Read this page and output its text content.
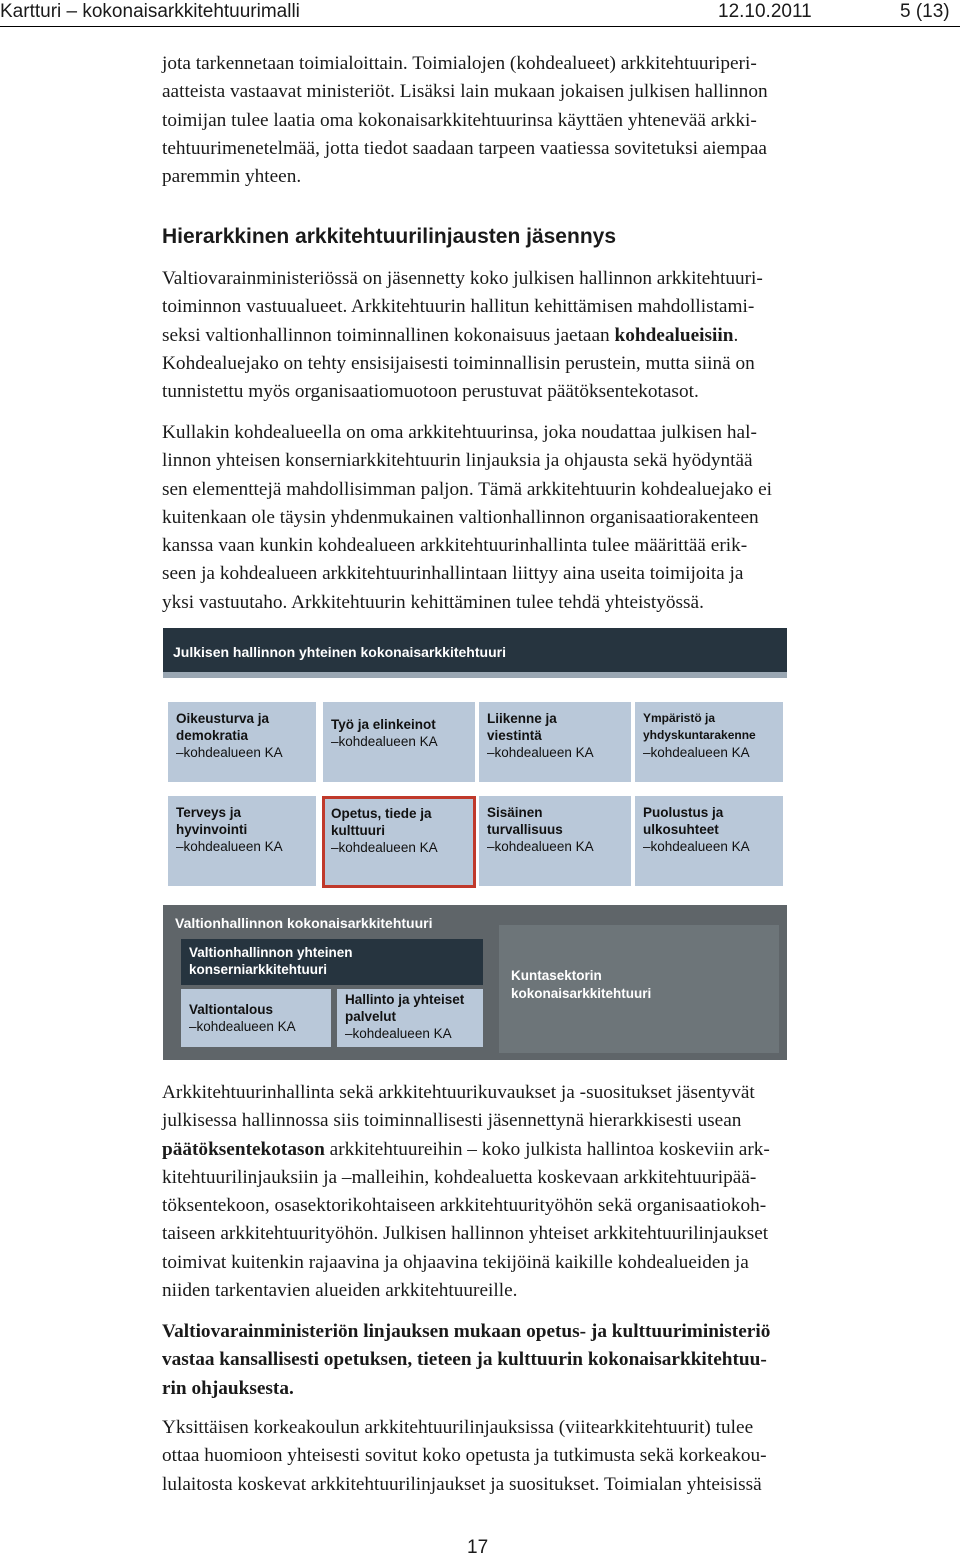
Kartturi – kokonaisarkkitehtuurimalli	12.10.2011	5 (13)

jota tarkennetaan toimialoittain. Toimialojen (kohdealueet) arkkitehtuuriperi-

aatteista vastaavat ministeriöt. Lisäksi lain mukaan jokaisen julkisen hallinnon

toimijan tulee laatia oma kokonaisarkkitehtuurinsa käyttäen yhtenevää arkki-

tehtuurimenetelmää, jotta tiedot saadaan tarpeen vaatiessa sovitetuksi aiempaa

paremmin yhteen.

Hierarkkinen arkkitehtuurilinjausten jäsennys

Valtiovarainministeriössä on jäsennetty koko julkisen hallinnon arkkitehtuuri-

toiminnon vastuualueet. Arkkitehtuurin hallitun kehittämisen mahdollistami-

seksi valtionhallinnon toiminnallinen kokonaisuus jaetaan kohdealueisiin.

Kohdealuejako on tehty ensisijaisesti toiminnallisin perustein, mutta siinä on

tunnistettu myös organisaatiomuotoon perustuvat päätöksentekotasot.

Kullakin kohdealueella on oma arkkitehtuurinsa, joka noudattaa julkisen hal-

linnon yhteisen konserniarkkitehtuurin linjauksia ja ohjausta sekä hyödyntää

sen elementtejä mahdollisimman paljon. Tämä arkkitehtuurin kohdealuejako ei

kuitenkaan ole täysin yhdenmukainen valtionhallinnon organisaatiorakenteen

kanssa vaan kunkin kohdealueen arkkitehtuurinhallinta tulee määrittää erik-

seen ja kohdealueen arkkitehtuurinhallintaan liittyy aina useita toimijoita ja

yksi vastuutaho. Arkkitehtuurin kehittäminen tulee tehdä yhteistyössä.

Julkisen hallinnon yhteinen kokonaisarkkitehtuuri
Oikeusturva ja
demokratia
–kohdealueen KA
Työ ja elinkeinot
–kohdealueen KA
Liikenne ja
viestintä
–kohdealueen KA
Ympäristö ja
yhdyskuntarakenne
–kohdealueen KA
Terveys ja
hyvinvointi
–kohdealueen KA
Opetus, tiede ja
kulttuuri
–kohdealueen KA
Sisäinen
turvallisuus
–kohdealueen KA
Puolustus ja
ulkosuhteet
–kohdealueen KA
Valtionhallinnon kokonaisarkkitehtuuri
Valtionhallinnon yhteinen
konserniarkkitehtuuri
Valtiontalous
–kohdealueen KA
Hallinto ja yhteiset
palvelut
–kohdealueen KA
Kuntasektorin
kokonaisarkkitehtuuri

Arkkitehtuurinhallinta sekä arkkitehtuurikuvaukset ja -suositukset jäsentyvät

julkisessa hallinnossa siis toiminnallisesti jäsennettynä hierarkkisesti usean

päätöksentekotason arkkitehtuureihin – koko julkista hallintoa koskeviin ark-

kitehtuurilinjauksiin ja –malleihin, kohdealuetta koskevaan arkkitehtuuripää-

töksentekoon, osasektorikohtaiseen arkkitehtuurityöhön sekä organisaatiokoh-

taiseen arkkitehtuurityöhön. Julkisen hallinnon yhteiset arkkitehtuurilinjaukset

toimivat kuitenkin rajaavina ja ohjaavina tekijöinä kaikille kohdealueiden ja

niiden tarkentavien alueiden arkkitehtuureille.

Valtiovarainministeriön linjauksen mukaan opetus- ja kulttuuriministeriö

vastaa kansallisesti opetuksen, tieteen ja kulttuurin kokonaisarkkitehtuu-

rin ohjauksesta.

Yksittäisen korkeakoulun arkkitehtuurilinjauksissa (viitearkkitehtuurit) tulee

ottaa huomioon yhteisesti sovitut koko opetusta ja tutkimusta sekä korkeakou-

lulaitosta koskevat arkkitehtuurilinjaukset ja suositukset. Toimialan yhteisissä

17
